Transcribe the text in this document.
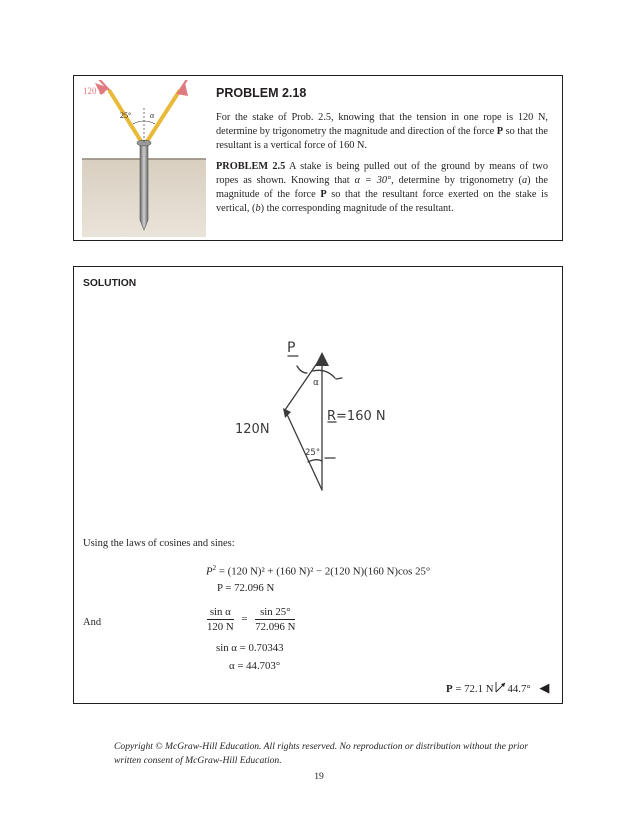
120 N	P
25° α
PROBLEM 2.18
For the stake of Prob. 2.5, knowing that the tension in one rope is 120 N, determine by trigonometry the magnitude and direction of the force P so that the resultant is a vertical force of 160 N.
PROBLEM 2.5 A stake is being pulled out of the ground by means of two ropes as shown. Knowing that α = 30°, determine by trigonometry (a) the magnitude of the force P so that the resultant force exerted on the stake is vertical, (b) the corresponding magnitude of the resultant.
SOLUTION
P
α
120N
R=160 N
25°
Using the laws of cosines and sines:
$P^2 = (120$ N)² + (160 N)² − 2(120 N)(160 N)cos 25°
P = 72.096 N
And	$\frac{\text{sin α}}{120 N} = \frac{\sin 25^\circ}{72.096 N}$
sin α = 0.70343
α = 44.703°
P = 72.1 N 44.7° ◀
Copyright © McGraw-Hill Education. All rights reserved. No reproduction or distribution without the prior written consent of McGraw-Hill Education.
19
